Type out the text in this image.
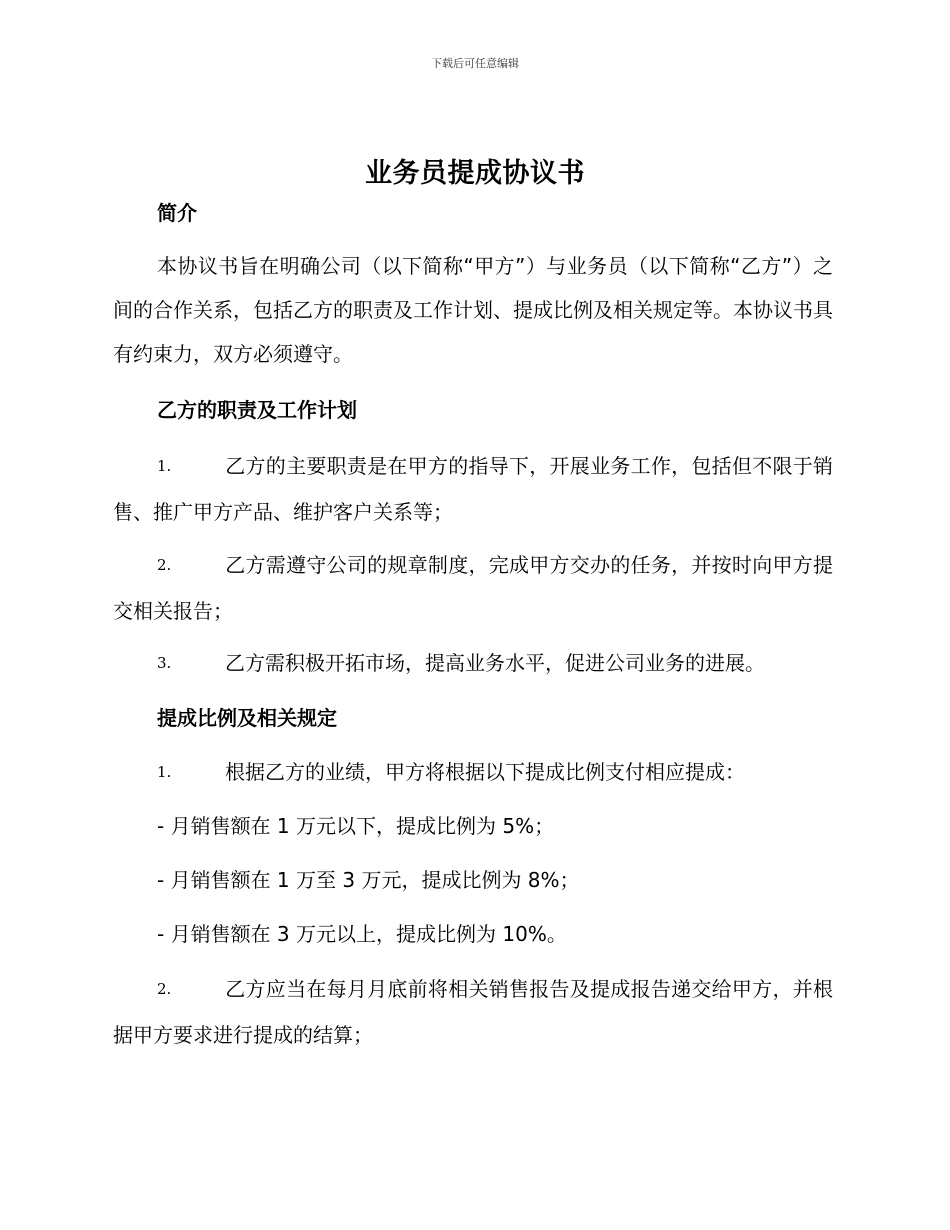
下载后可任意编辑
业务员提成协议书
简介
本协议书旨在明确公司（以下简称“甲方”）与业务员（以下简称“乙方”）之间的合作关系，包括乙方的职责及工作计划、提成比例及相关规定等。本协议书具有约束力，双方必须遵守。
乙方的职责及工作计划
1.	乙方的主要职责是在甲方的指导下，开展业务工作，包括但不限于销售、推广甲方产品、维护客户关系等；
2.	乙方需遵守公司的规章制度，完成甲方交办的任务，并按时向甲方提交相关报告；
3.	乙方需积极开拓市场，提高业务水平，促进公司业务的进展。
提成比例及相关规定
1.	根据乙方的业绩，甲方将根据以下提成比例支付相应提成：
- 月销售额在 1 万元以下，提成比例为 5%；
- 月销售额在 1 万至 3 万元，提成比例为 8%；
- 月销售额在 3 万元以上，提成比例为 10%。
2.	乙方应当在每月月底前将相关销售报告及提成报告递交给甲方，并根据甲方要求进行提成的结算；
